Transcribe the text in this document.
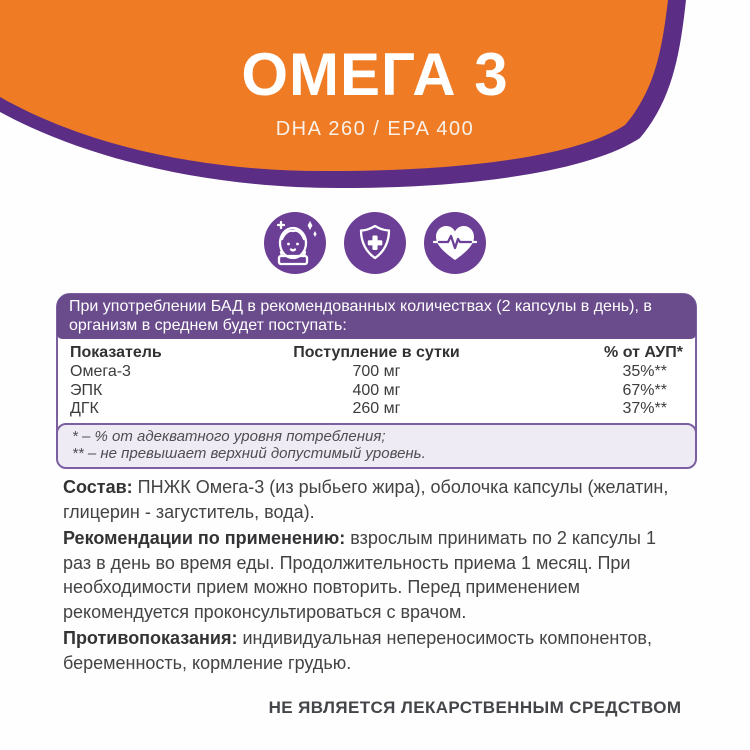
ОМЕГА 3
DHA 260 / EPA 400
При употреблении БАД в рекомендованных количествах (2 капсулы в день), в организм в среднем будет поступать:
Показатель	Поступление в сутки	% от АУП*
Омега-3	700 мг	35%**
ЭПК	400 мг	67%**
ДГК	260 мг	37%**
* – % от адекватного уровня потребления;
** – не превышает верхний допустимый уровень.

Состав: ПНЖК Омега-3 (из рыбьего жира), оболочка капсулы (желатин, глицерин - загуститель, вода).

Рекомендации по применению: взрослым принимать по 2 капсулы 1 раз в день во время еды. Продолжительность приема 1 месяц. При необходимости прием можно повторить. Перед применением рекомендуется проконсультироваться с врачом.

Противопоказания: индивидуальная непереносимость компонентов, беременность, кормление грудью.

НЕ ЯВЛЯЕТСЯ ЛЕКАРСТВЕННЫМ СРЕДСТВОМ
